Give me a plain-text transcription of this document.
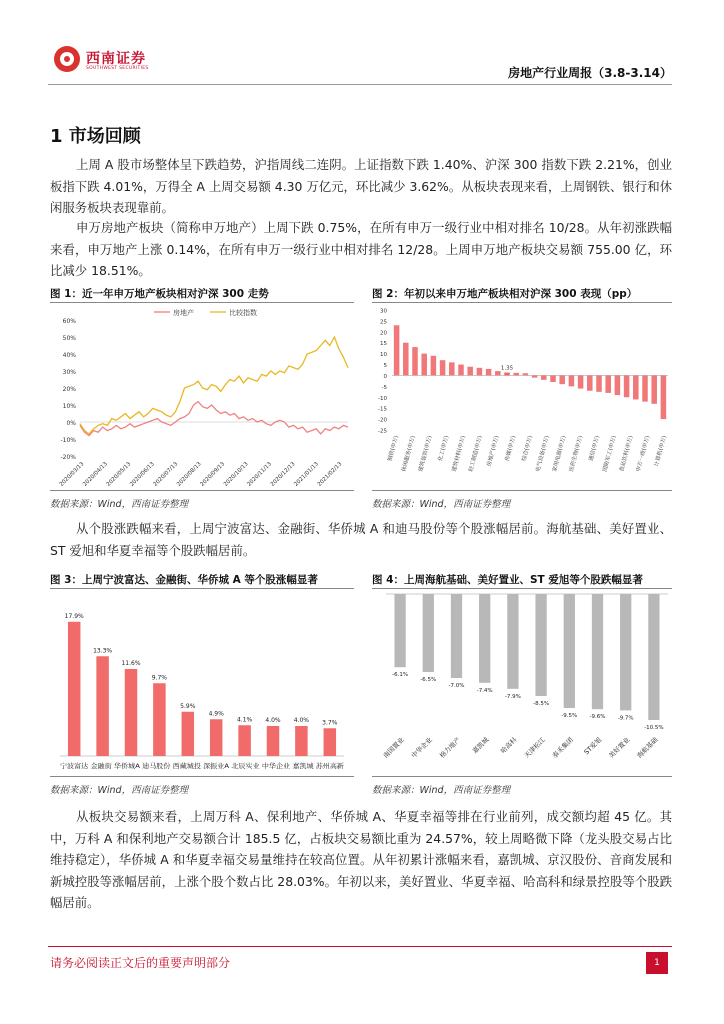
西南证券
SOUTHWEST SECURITIES	房地产行业周报（3.8-3.14）
1 市场回顾

上周 A 股市场整体呈下跌趋势，沪指周线二连阴。上证指数下跌 1.40%、沪深 300 指数下跌 2.21%，创业板指下跌 4.01%，万得全 A 上周交易额 4.30 万亿元，环比减少 3.62%。从板块表现来看，上周钢铁、银行和休闲服务板块表现靠前。

申万房地产板块（简称申万地产）上周下跌 0.75%，在所有申万一级行业中相对排名 10/28。从年初涨跌幅来看，申万地产上涨 0.14%，在所有申万一级行业中相对排名 12/28。上周申万地产板块交易额 755.00 亿，环比减少 18.51%。

图 1：近一年申万地产板块相对沪深 300 走势
房地产	比较指数
60%
50%
40%
30%
20%
10%
0%
-10%
-20%
2020/03/13
2020/04/13
2020/05/13
2020/06/13
2020/07/13
2020/08/13
2020/09/13
2020/10/13
2020/11/13
2020/12/13
2021/01/13
2021/02/13
数据来源：Wind，西南证券整理
图 2：年初以来申万地产板块相对沪深 300 表现（pp）
30
25
20
15
10
5
0
-5
-10
-15
-20
-25
1.35
钢铁(申万) 休闲服务(申万) 建筑装饰(申万) 化工(申万) 建筑材料(申万) 轻工制造(申万) 房地产(申万) 传媒(申万) 综合(申万) 电气设备(申万) 家用电器(申万) 医药生物(申万) 通信(申万) 国防军工(申万) 食品饮料(申万) 申万一级(申万) 计算机(申万)
数据来源：Wind，西南证券整理

从个股涨跌幅来看，上周宁波富达、金融街、华侨城 A 和迪马股份等个股涨幅居前。海航基础、美好置业、ST 爱旭和华夏幸福等个股跌幅居前。

图 3：上周宁波富达、金融街、华侨城 A 等个股涨幅显著
17.9%
13.3%
11.6%
9.7%
5.9%
4.9%
4.1% 4.0% 4.0% 3.7%
宁波富达 金融街 华侨城A 迪马股份 西藏城投 深振业A 北辰实业 中华企业 嘉凯城 苏州高新
数据来源：Wind，西南证券整理
图 4：上周海航基础、美好置业、ST 爱旭等个股跌幅显著
-6.1%
南国置业
-6.5%
中华企业
-7.0%
格力地产
-7.4%
嘉凯城
-7.9%
哈高科
-8.5%
天津松江
-9.5%
泰禾集团
-9.6%
ST爱旭
-9.7%
美好置业
-10.5%
海航基础
数据来源：Wind，西南证券整理

从板块交易额来看，上周万科 A、保利地产、华侨城 A、华夏幸福等排在行业前列，成交额均超 45 亿。其中，万科 A 和保利地产交易额合计 185.5 亿，占板块交易额比重为 24.57%，较上周略微下降（龙头股交易占比维持稳定），华侨城 A 和华夏幸福交易量维持在较高位置。从年初累计涨幅来看，嘉凯城、京汉股份、音商发展和新城控股等涨幅居前，上涨个股个数占比 28.03%。年初以来，美好置业、华夏幸福、哈高科和绿景控股等个股跌幅居前。

请务必阅读正文后的重要声明部分	1
